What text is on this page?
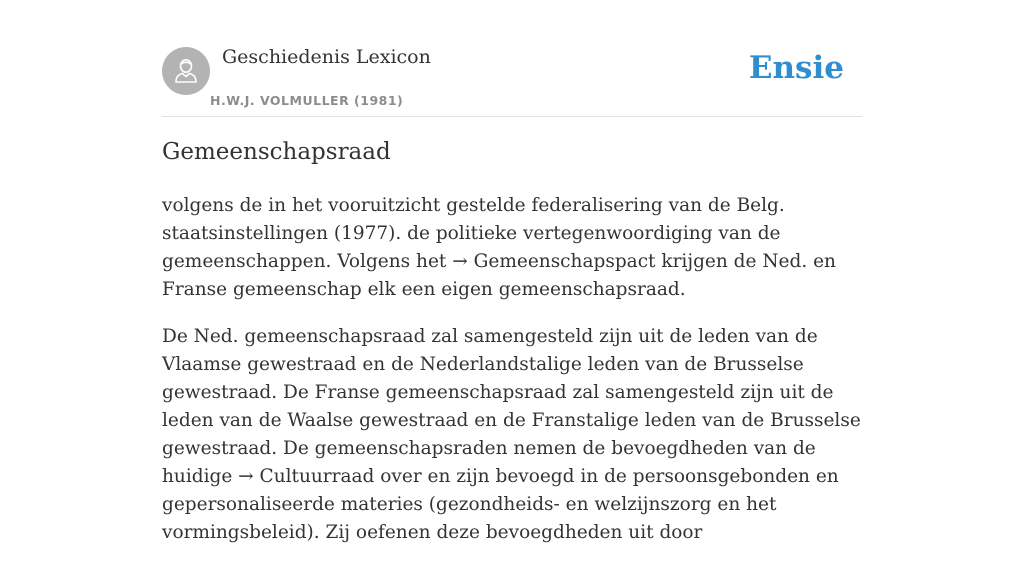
Geschiedenis Lexicon
H.W.J. VOLMULLER (1981)
Ensie
Gemeenschapsraad

volgens de in het vooruitzicht gestelde federalisering van de Belg. staatsinstellingen (1977). de politieke vertegenwoordiging van de gemeenschappen. Volgens het → Gemeenschapspact krijgen de Ned. en Franse gemeenschap elk een eigen gemeenschapsraad.

De Ned. gemeenschapsraad zal samengesteld zijn uit de leden van de Vlaamse gewestraad en de Nederlandstalige leden van de Brusselse gewestraad. De Franse gemeenschapsraad zal samengesteld zijn uit de leden van de Waalse gewestraad en de Franstalige leden van de Brusselse gewestraad. De gemeenschapsraden nemen de bevoegdheden van de huidige → Cultuurraad over en zijn bevoegd in de persoonsgebonden en gepersonaliseerde materies (gezondheids- en welzijnszorg en het vormingsbeleid). Zij oefenen deze bevoegdheden uit door
